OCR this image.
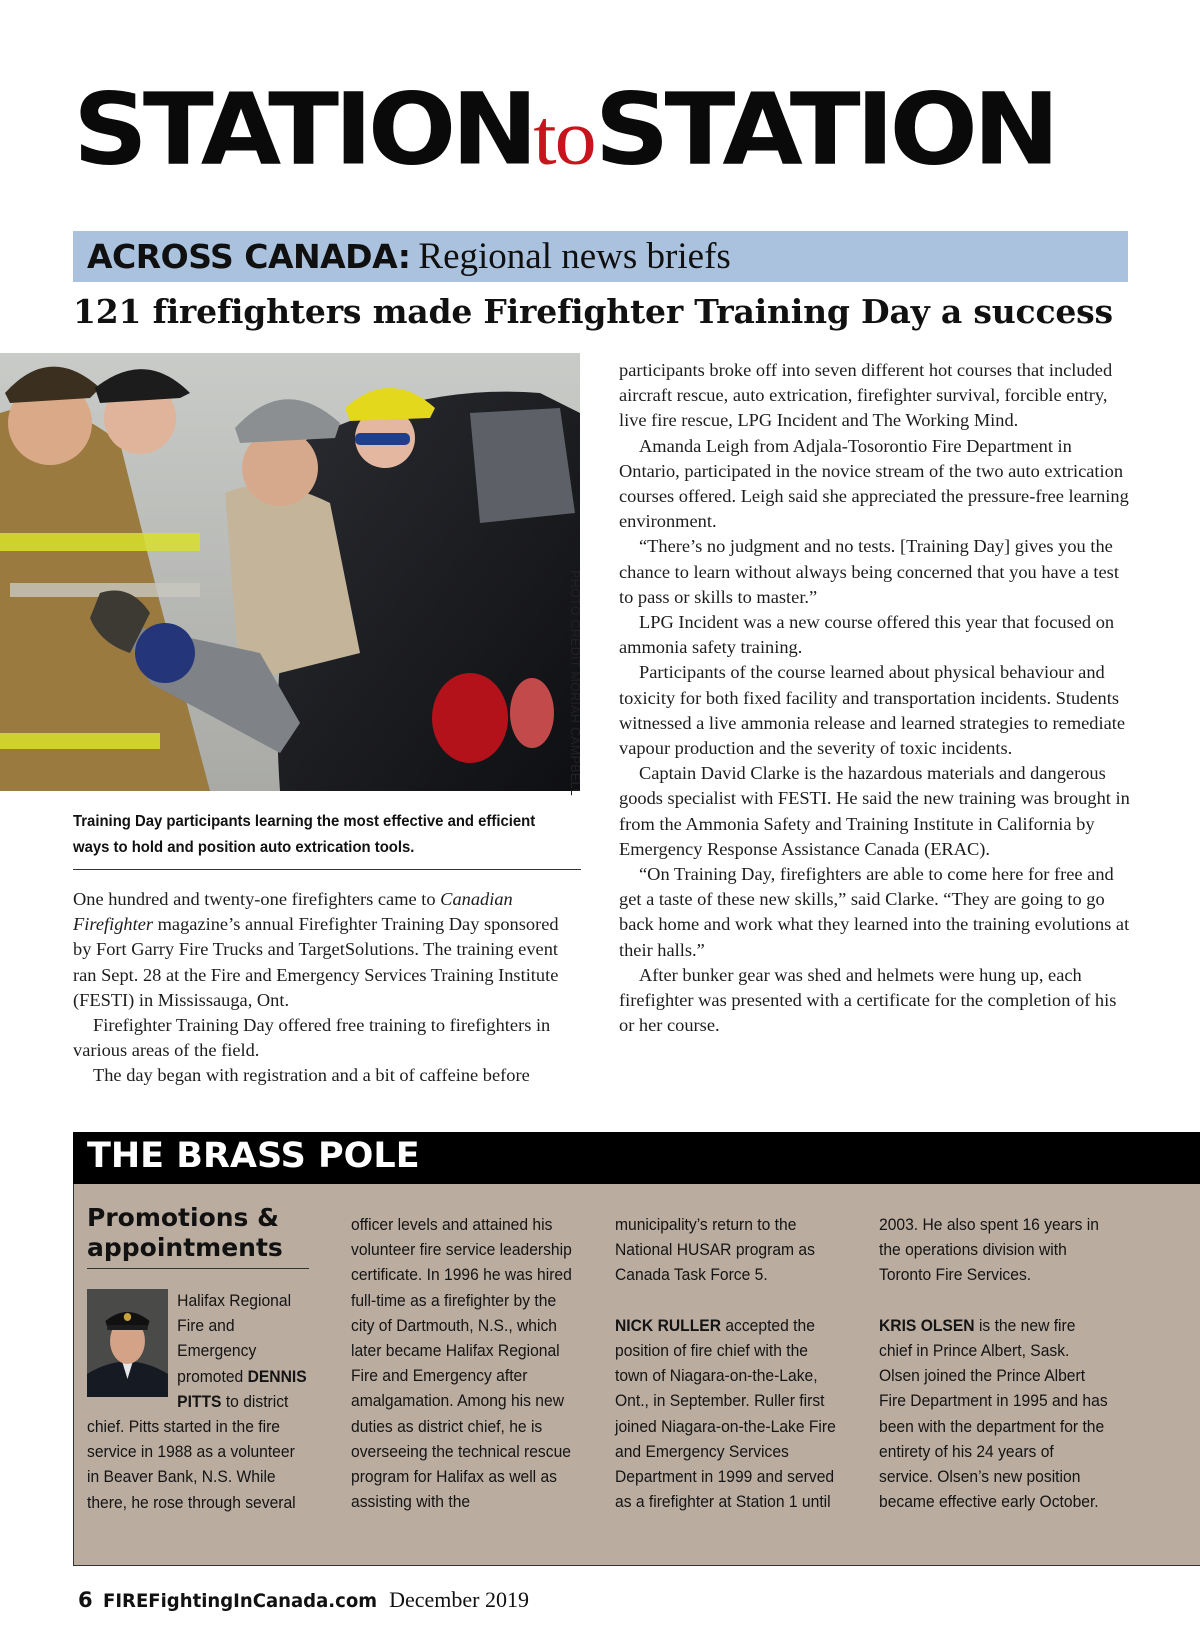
STATIONtoSTATION
ACROSS CANADA: Regional news briefs
121 firefighters made Firefighter Training Day a success
PHOTO CREDIT MORIAH CAMPBELL
Training Day participants learning the most effective and efficient ways to hold and position auto extrication tools.

One hundred and twenty-one firefighters came to Canadian Firefighter magazine’s annual Firefighter Training Day sponsored by Fort Garry Fire Trucks and TargetSolutions. The training event ran Sept. 28 at the Fire and Emergency Services Training Institute (FESTI) in Mississauga, Ont.

Firefighter Training Day offered free training to firefighters in various areas of the field.

The day began with registration and a bit of caffeine before

participants broke off into seven different hot courses that included aircraft rescue, auto extrication, firefighter survival, forcible entry, live fire rescue, LPG Incident and The Working Mind.

Amanda Leigh from Adjala-Tosorontio Fire Department in Ontario, participated in the novice stream of the two auto extrication courses offered. Leigh said she appreciated the pressure-free learning environment.

“There’s no judgment and no tests. [Training Day] gives you the chance to learn without always being concerned that you have a test to pass or skills to master.”

LPG Incident was a new course offered this year that focused on ammonia safety training.

Participants of the course learned about physical behaviour and toxicity for both fixed facility and transportation incidents. Students witnessed a live ammonia release and learned strategies to remediate vapour production and the severity of toxic incidents.

Captain David Clarke is the hazardous materials and dangerous goods specialist with FESTI. He said the new training was brought in from the Ammonia Safety and Training Institute in California by Emergency Response Assistance Canada (ERAC).

“On Training Day, firefighters are able to come here for free and get a taste of these new skills,” said Clarke. “They are going to go back home and work what they learned into the training evolutions at their halls.”

After bunker gear was shed and helmets were hung up, each firefighter was presented with a certificate for the completion of his or her course.

THE BRASS POLE
Promotions & appointments

Halifax Regional Fire and Emergency promoted DENNIS PITTS to district chief. Pitts started in the fire service in 1988 as a volunteer in Beaver Bank, N.S. While there, he rose through several

officer levels and attained his volunteer fire service leadership certificate. In 1996 he was hired full-time as a firefighter by the city of Dartmouth, N.S., which later became Halifax Regional Fire and Emergency after amalgamation. Among his new duties as district chief, he is overseeing the technical rescue program for Halifax as well as assisting with the

municipality’s return to the National HUSAR program as Canada Task Force 5.

NICK RULLER accepted the position of fire chief with the town of Niagara-on-the-Lake, Ont., in September. Ruller first joined Niagara-on-the-Lake Fire and Emergency Services Department in 1999 and served as a firefighter at Station 1 until

2003. He also spent 16 years in the operations division with Toronto Fire Services.

KRIS OLSEN is the new fire chief in Prince Albert, Sask. Olsen joined the Prince Albert Fire Department in 1995 and has been with the department for the entirety of his 24 years of service. Olsen’s new position became effective early October.

6 FIREFightingInCanada.com December 2019
